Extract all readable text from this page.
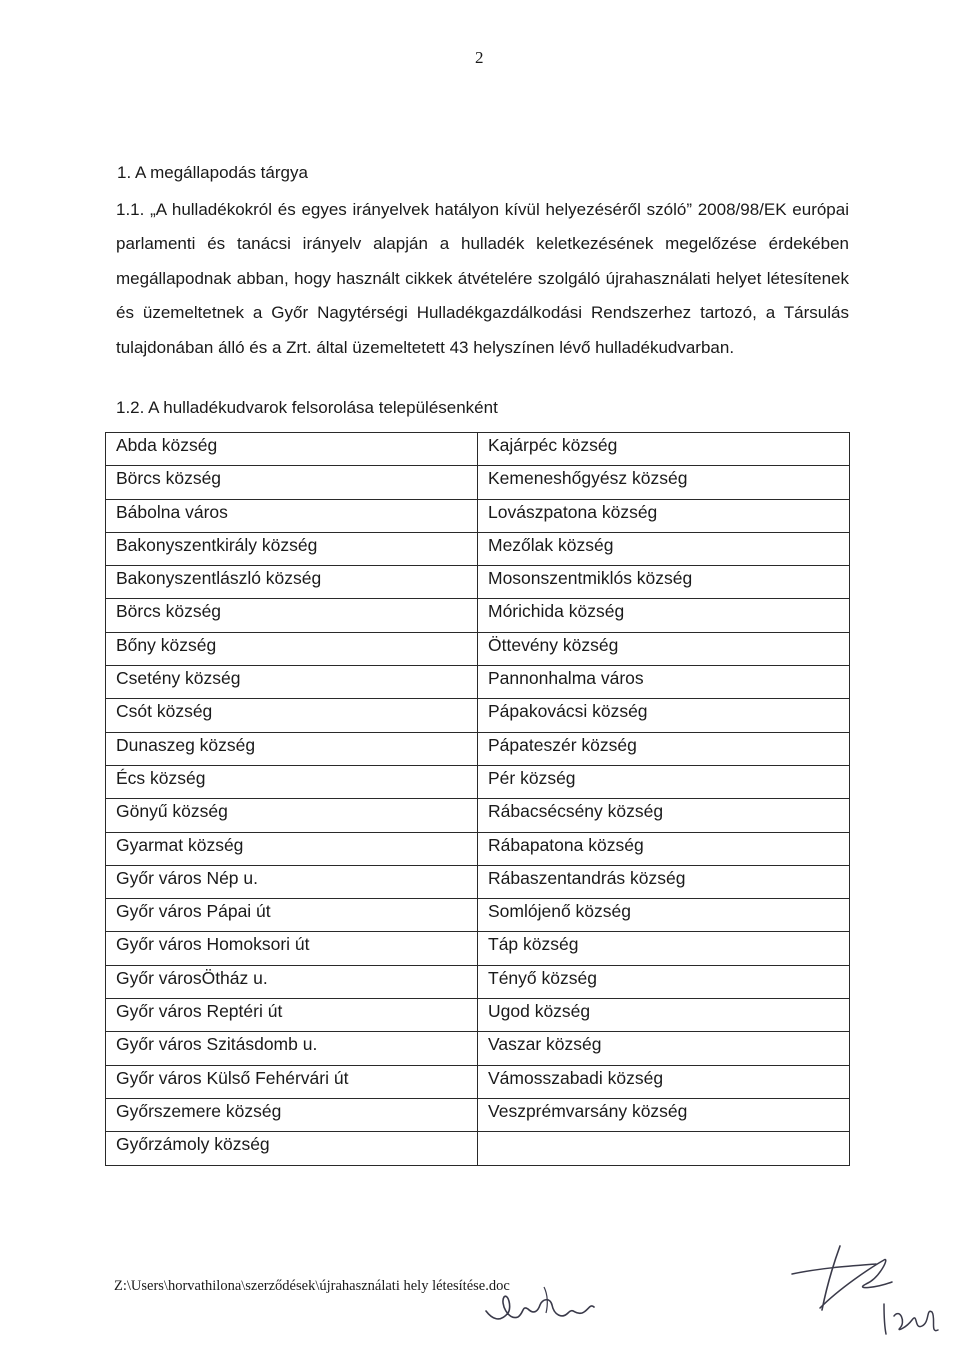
2
1. A megállapodás tárgya

1.1. „A hulladékokról és egyes irányelvek hatályon kívül helyezéséről szóló” 2008/98/EK európai parlamenti és tanácsi irányelv alapján a hulladék keletkezésének megelőzése érdekében megállapodnak abban, hogy használt cikkek átvételére szolgáló újrahasználati helyet létesítenek és üzemeltetnek a Győr Nagytérségi Hulladékgazdálkodási Rendszerhez tartozó, a Társulás tulajdonában álló és a Zrt. által üzemeltetett 43 helyszínen lévő hulladékudvarban.

1.2. A hulladékudvarok felsorolása településenként
Abda község	Kajárpéc község
Börcs község	Kemeneshőgyész község
Bábolna város	Lovászpatona község
Bakonyszentkirály község	Mezőlak község
Bakonyszentlászló község	Mosonszentmiklós község
Börcs község	Mórichida község
Bőny község	Öttevény község
Csetény község	Pannonhalma város
Csót község	Pápakovácsi község
Dunaszeg község	Pápateszér község
Écs község	Pér község
Gönyű község	Rábacsécsény község
Gyarmat község	Rábapatona község
Győr város Nép u.	Rábaszentandrás község
Győr város Pápai út	Somlójenő község
Győr város Homoksori út	Táp község
Győr városÖtház u.	Tényő község
Győr város Reptéri út	Ugod község
Győr város Szitásdomb u.	Vaszar község
Győr város Külső Fehérvári út	Vámosszabadi község
Győrszemere község	Veszprémvarsány község
Győrzámoly község	
Z:\Users\horvathilona\szerződések\újrahasználati hely létesítése.doc
